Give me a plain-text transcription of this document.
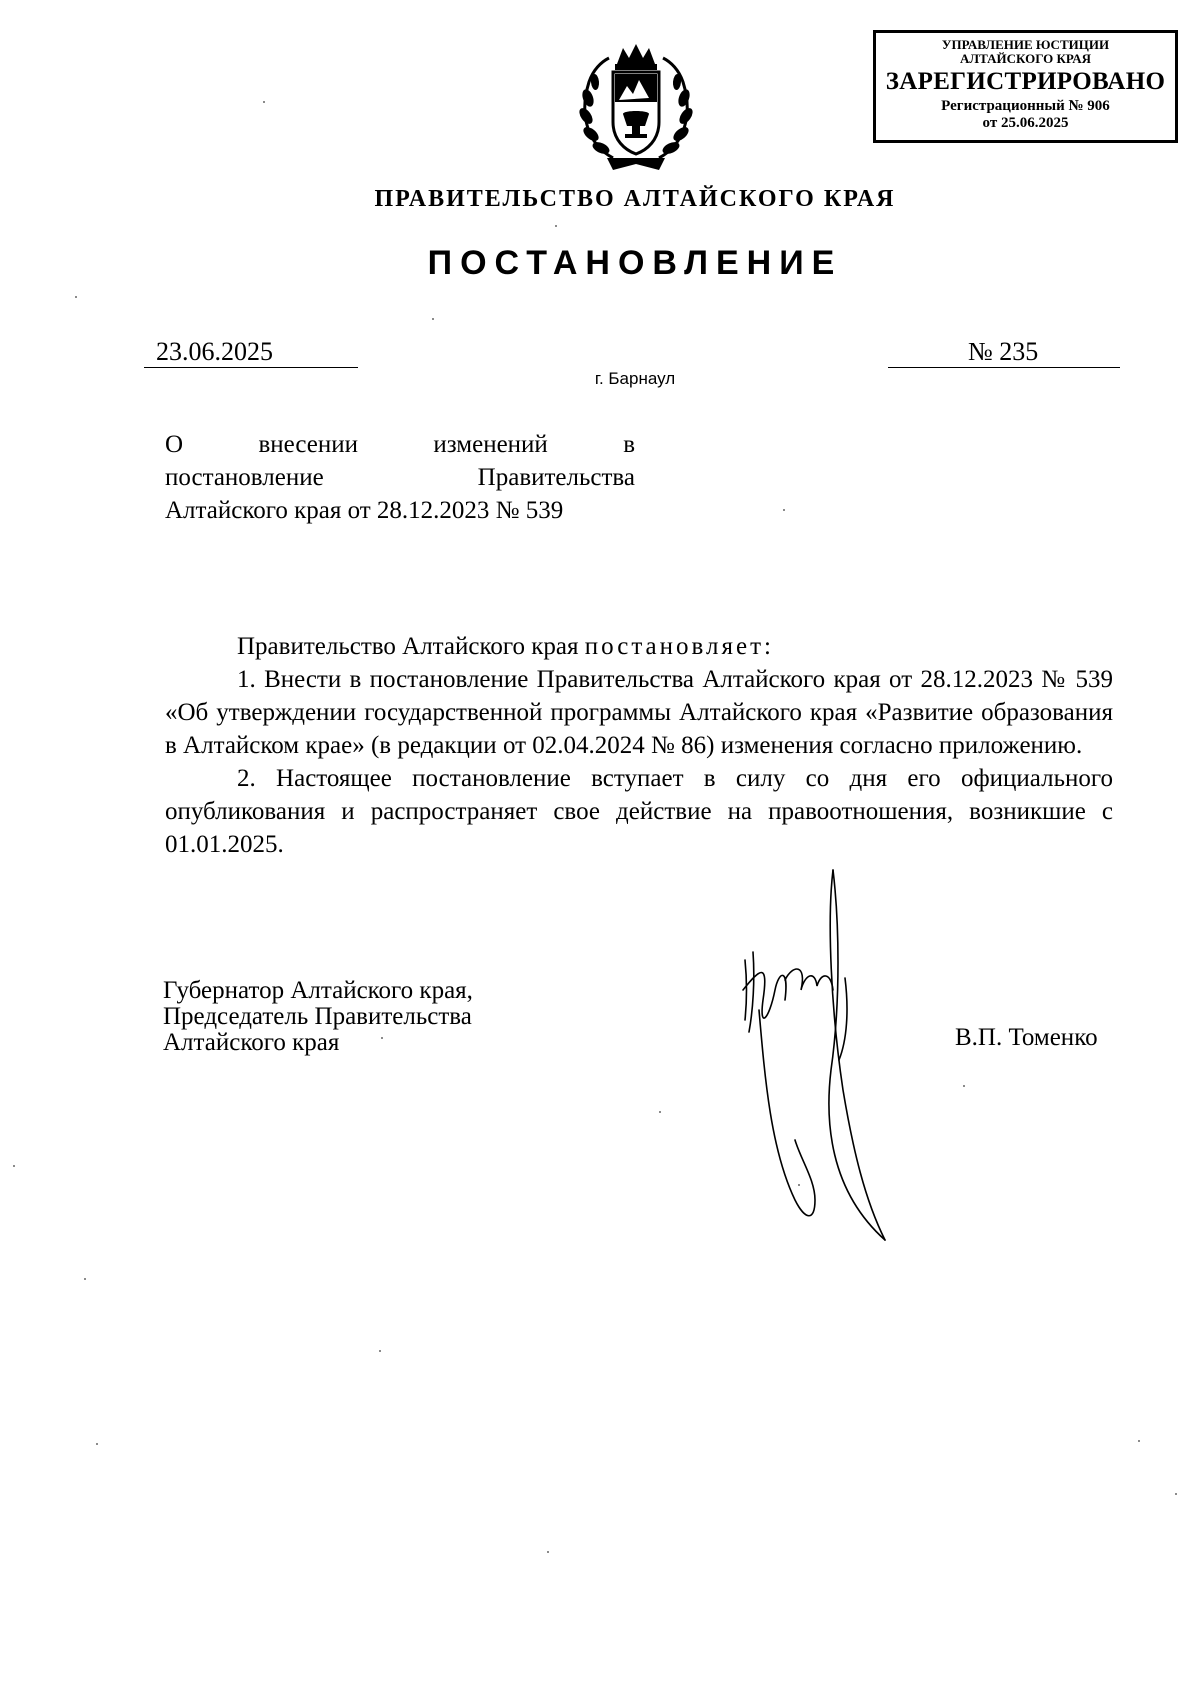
УПРАВЛЕНИЕ ЮСТИЦИИ
АЛТАЙСКОГО КРАЯ
ЗАРЕГИСТРИРОВАНО
Регистрационный № 906
от 25.06.2025
ПРАВИТЕЛЬСТВО АЛТАЙСКОГО КРАЯ
ПОСТАНОВЛЕНИЕ
23.06.2025	№ 235
г. Барнаул
О внесении изменений в
постановление Правительства
Алтайского края от 28.12.2023 № 539

Правительство Алтайского края постановляет:

1. Внести в постановление Правительства Алтайского края от 28.12.2023 № 539 «Об утверждении государственной программы Алтайского края «Развитие образования в Алтайском крае» (в редакции от 02.04.2024 № 86) изменения согласно приложению.

2. Настоящее постановление вступает в силу со дня его официального опубликования и распространяет свое действие на правоотношения, возникшие с 01.01.2025.

Губернатор Алтайского края,
Председатель Правительства
Алтайского края	В.П. Томенко
